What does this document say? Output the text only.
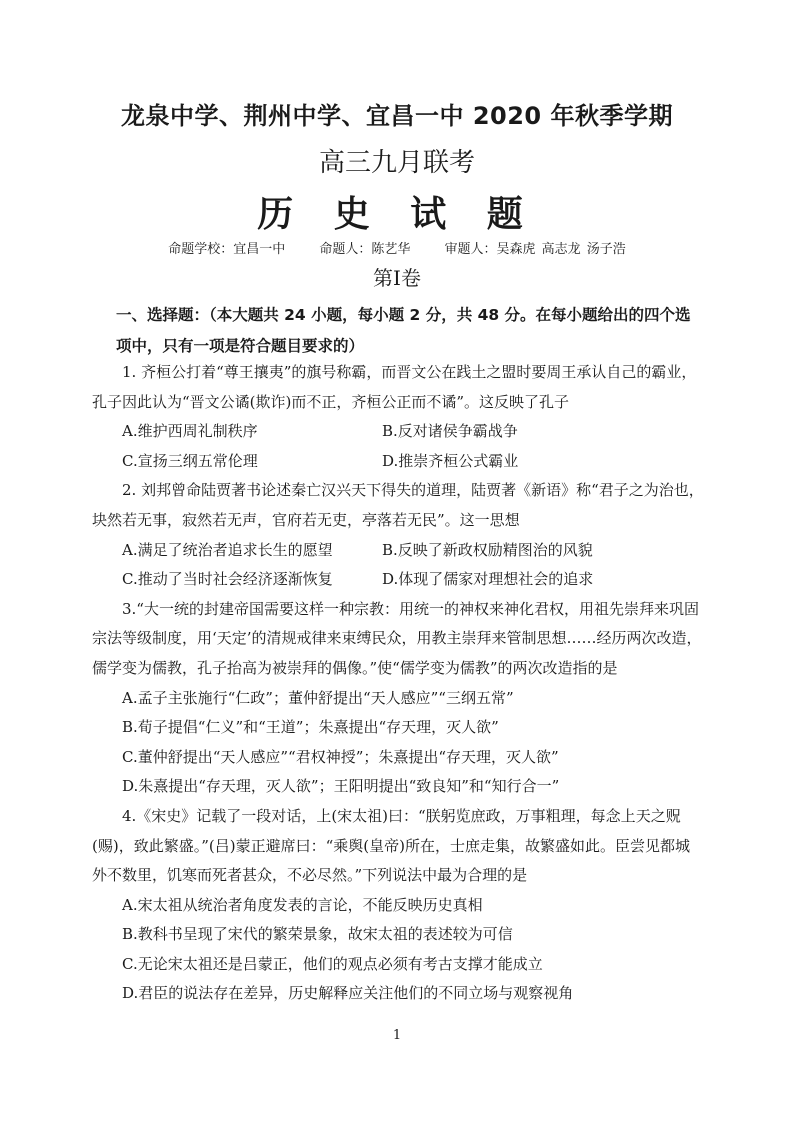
龙泉中学、荆州中学、宜昌一中 2020 年秋季学期
高三九月联考
历 史 试 题
命题学校：宜昌一中	命题人：陈艺华	审题人：吴森虎 高志龙 汤子浩
第Ⅰ卷
一、选择题：（本大题共 24 小题，每小题 2 分，共 48 分。在每小题给出的四个选项中，只有一项是符合题目要求的）

1. 齐桓公打着“尊王攘夷”的旗号称霸，而晋文公在践土之盟时要周王承认自己的霸业，孔子因此认为“晋文公谲(欺诈)而不正，齐桓公正而不谲”。这反映了孔子

A.维护西周礼制秩序	B.反对诸侯争霸战争
C.宣扬三纲五常伦理	D.推崇齐桓公式霸业

2. 刘邦曾命陆贾著书论述秦亡汉兴天下得失的道理，陆贾著《新语》称“君子之为治也，块然若无事，寂然若无声，官府若无吏，亭落若无民”。这一思想

A.满足了统治者追求长生的愿望	B.反映了新政权励精图治的风貌
C.推动了当时社会经济逐渐恢复	D.体现了儒家对理想社会的追求

3.“大一统的封建帝国需要这样一种宗教：用统一的神权来神化君权，用祖先崇拜来巩固宗法等级制度，用‘天定’的清规戒律来束缚民众，用教主崇拜来管制思想……经历两次改造，儒学变为儒教，孔子抬高为被崇拜的偶像。”使“儒学变为儒教”的两次改造指的是

A.孟子主张施行“仁政”；董仲舒提出“天人感应”“三纲五常”

B.荀子提倡“仁义”和“王道”；朱熹提出“存天理，灭人欲”

C.董仲舒提出“天人感应”“君权神授”；朱熹提出“存天理，灭人欲”

D.朱熹提出“存天理，灭人欲”；王阳明提出“致良知”和“知行合一”

4.《宋史》记载了一段对话，上(宋太祖)曰：“朕躬览庶政，万事粗理，每念上天之贶(赐)，致此繁盛。”(吕)蒙正避席曰：“乘舆(皇帝)所在，士庶走集，故繁盛如此。臣尝见都城外不数里，饥寒而死者甚众，不必尽然。”下列说法中最为合理的是

A.宋太祖从统治者角度发表的言论，不能反映历史真相

B.教科书呈现了宋代的繁荣景象，故宋太祖的表述较为可信

C.无论宋太祖还是吕蒙正，他们的观点必须有考古支撑才能成立

D.君臣的说法存在差异，历史解释应关注他们的不同立场与观察视角

1
